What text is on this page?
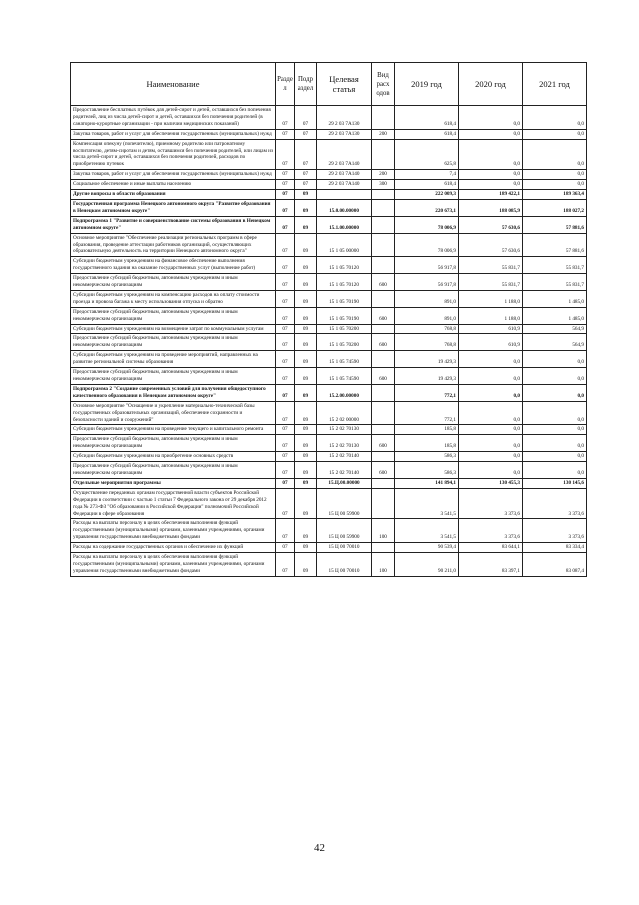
Наименование	Разде л	Подр аздел	Целевая статья	Вид расх одов	2019 год	2020 год	2021 год
Предоставление бесплатных путёвок для детей-сирот и детей, оставшихся без попечения родителей, лиц из числа детей-сирот и детей, оставшихся без попечения родителей (в санаторно-курортные организации - при наличии медицинских показаний)	07	07	29 2 03 7А130		618,4	0,0	0,0
Закупка товаров, работ и услуг для обеспечения государственных (муниципальных) нужд	07	07	29 2 03 7А130	200	618,4	0,0	0,0
Компенсация опекуну (попечителю), приемному родителю или патронатному воспитателю, детям-сиротам и детям, оставшимся без попечения родителей, или лицам из числа детей-сирот и детей, оставшихся без попечения родителей, расходов по приобретению путевок	07	07	29 2 03 7А140		625,8	0,0	0,0
Закупка товаров, работ и услуг для обеспечения государственных (муниципальных) нужд	07	07	29 2 03 7А140	200	7,4	0,0	0,0
Социальное обеспечение и иные выплаты населению	07	07	29 2 03 7А140	300	618,4	0,0	0,0
Другие вопросы в области образования	07	09			222 009,3	189 422,1	189 363,4
Государственная программа Ненецкого автономного округа "Развитие образования в Ненецком автономном округе"	07	09	15.0.00.00000		220 673,1	188 085,9	188 027,2
Подпрограмма 1 "Развитие и совершенствование системы образования в Ненецком автономном округе"	07	09	15.1.00.00000		78 006,9	57 630,6	57 881,6
Основное мероприятие "Обеспечение реализации региональных программ в сфере образования, проведение аттестации работников организаций, осуществляющих образовательную деятельность на территории Ненецкого автономного округа"	07	09	15 1 05 00000		78 006,9	57 630,6	57 881,6
Субсидии бюджетным учреждениям на финансовое обеспечение выполнения государственного задания на оказание государственных услуг (выполнение работ)	07	09	15 1 05 70120		56 917,8	55 831,7	55 831,7
Предоставление субсидий бюджетным, автономным учреждениям и иным некоммерческим организациям	07	09	15 1 05 70120	600	56 917,8	55 831,7	55 831,7
Субсидии бюджетным учреждениям на компенсацию расходов на оплату стоимости проезда и провоза багажа к месту использования отпуска и обратно	07	09	15 1 05 70190		891,0	1 188,0	1 485,0
Предоставление субсидий бюджетным, автономным учреждениям и иным некоммерческим организациям	07	09	15 1 05 70190	600	891,0	1 188,0	1 485,0
Субсидии бюджетным учреждениям на возмещение затрат по коммунальным услугам	07	09	15 1 05 70200		768,8	610,9	564,9
Предоставление субсидий бюджетным, автономным учреждениям и иным некоммерческим организациям	07	09	15 1 05 70200	600	768,8	610,9	564,9
Субсидии бюджетным учреждениям на проведение мероприятий, направленных на развитие региональной системы образования	07	09	15 1 05 74590		19 429,3	0,0	0,0
Предоставление субсидий бюджетным, автономным учреждениям и иным некоммерческим организациям	07	09	15 1 05 74590	600	19 429,3	0,0	0,0
Подпрограмма 2 "Создание современных условий для получения общедоступного качественного образования в Ненецком автономном округе"	07	09	15.2.00.00000		772,1	0,0	0,0
Основное мероприятие "Оснащение и укрепление материально-технической базы государственных образовательных организаций, обеспечение сохранности и безопасности зданий и сооружений"	07	09	15 2 02 00000		772,1	0,0	0,0
Субсидии бюджетным учреждениям на проведение текущего и капитального ремонта	07	09	15 2 02 70130		185,8	0,0	0,0
Предоставление субсидий бюджетным, автономным учреждениям и иным некоммерческим организациям	07	09	15 2 02 70130	600	185,8	0,0	0,0
Субсидии бюджетным учреждениям на приобретение основных средств	07	09	15 2 02 70140		586,3	0,0	0,0
Предоставление субсидий бюджетным, автономным учреждениям и иным некоммерческим организациям	07	09	15 2 02 70140	600	586,3	0,0	0,0
Отдельные мероприятия программы	07	09	15.Ц.00.00000		141 894,1	130 455,3	130 145,6
Осуществление переданных органам государственной власти субъектов Российской Федерации в соответствии с частью 1 статьи 7 Федерального закона от 29 декабря 2012 года № 273-ФЗ "Об образовании в Российской Федерации" полномочий Российской Федерации в сфере образования	07	09	15 Ц 00 59900		3 541,5	3 373,6	3 373,6
Расходы на выплаты персоналу в целях обеспечения выполнения функций государственными (муниципальными) органами, казенными учреждениями, органами управления государственными внебюджетными фондами	07	09	15 Ц 00 59900	100	3 541,5	3 373,6	3 373,6
Расходы на содержание государственных органов и обеспечение их функций	07	09	15 Ц 00 70010		90 539,4	83 644,1	83 334,4
Расходы на выплаты персоналу в целях обеспечения выполнения функций государственными (муниципальными) органами, казенными учреждениями, органами управления государственными внебюджетными фондами	07	09	15 Ц 00 70010	100	90 211,0	83 397,1	83 087,4
42
